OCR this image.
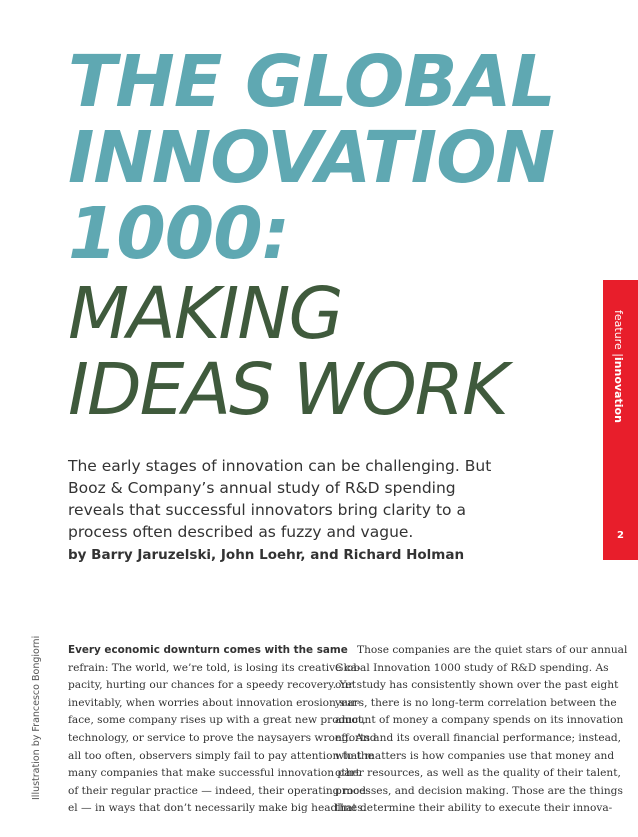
THE GLOBAL
INNOVATION
1000:
MAKING
IDEAS WORK
The early stages of innovation can be challenging. But
Booz & Company’s annual study of R&D spending
reveals that successful innovators bring clarity to a
process often described as fuzzy and vague.
by Barry Jaruzelski, John Loehr, and Richard Holman
feature |innovation
2
Illustration by Francesco Bongiorni	Every economic downturn comes with the same
refrain: The world, we’re told, is losing its creative ca-
pacity, hurting our chances for a speedy recovery. Yet
inevitably, when worries about innovation erosion sur-
face, some company rises up with a great new product,
technology, or service to prove the naysayers wrong. And
all too often, observers simply fail to pay attention to the
many companies that make successful innovation part
of their regular practice — indeed, their operating mod-
el — in ways that don’t necessarily make big headlines.
Those companies are the quiet stars of our annual
Global Innovation 1000 study of R&D spending. As
our study has consistently shown over the past eight
years, there is no long-term correlation between the
amount of money a company spends on its innovation
efforts and its overall financial performance; instead,
what matters is how companies use that money and
other resources, as well as the quality of their talent,
processes, and decision making. Those are the things
that determine their ability to execute their innova-
